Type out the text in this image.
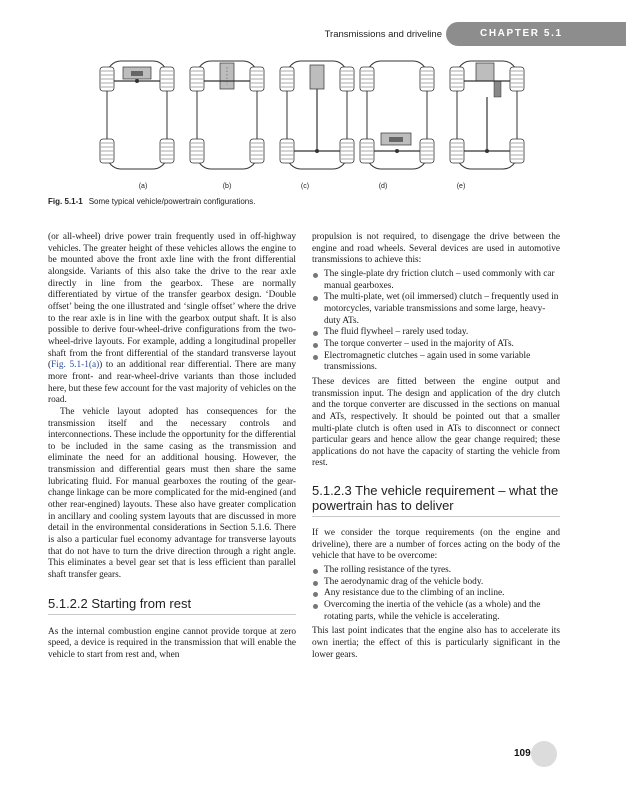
Transmissions and driveline	CHAPTER 5.1
(a)	(b)	(c)	(d)	(e)
Fig. 5.1-1 Some typical vehicle/powertrain configurations.

(or all-wheel) drive power train frequently used in off-highway vehicles. The greater height of these vehicles allows the engine to be mounted above the front axle line with the front differential alongside. Variants of this also take the drive to the rear axle directly in line from the gearbox. These are normally differentiated by virtue of the transfer gearbox design. ‘Double offset’ being the one illustrated and ‘single offset’ where the drive to the rear axle is in line with the gearbox output shaft. It is also possible to derive four-wheel-drive configurations from the two-wheel-drive layouts. For example, adding a longitudinal propeller shaft from the front differential of the standard transverse layout (Fig. 5.1-1(a)) to an additional rear differential. There are many more front- and rear-wheel-drive variants than those included here, but these few account for the vast majority of vehicles on the road.

The vehicle layout adopted has consequences for the transmission itself and the necessary controls and interconnections. These include the opportunity for the differential to be included in the same casing as the transmission and eliminate the need for an additional housing. However, the transmission and differential gears must then share the same lubricating fluid. For manual gearboxes the routing of the gear-change linkage can be more complicated for the mid-engined (and other rear-engined) layouts. These also have greater complication in ancillary and cooling system layouts that are discussed in more detail in the environmental considerations in Section 5.1.6. There is also a particular fuel economy advantage for transverse layouts that do not have to turn the drive direction through a right angle. This eliminates a bevel gear set that is less efficient than parallel shaft transfer gears.

5.1.2.2 Starting from rest

As the internal combustion engine cannot provide torque at zero speed, a device is required in the transmission that will enable the vehicle to start from rest and, when

propulsion is not required, to disengage the drive between the engine and road wheels. Several devices are used in automotive transmissions to achieve this:

The single-plate dry friction clutch – used commonly with car manual gearboxes.
The multi-plate, wet (oil immersed) clutch – frequently used in motorcycles, variable transmissions and some large, heavy-duty ATs.
The fluid flywheel – rarely used today.
The torque converter – used in the majority of ATs.
Electromagnetic clutches – again used in some variable transmissions.

These devices are fitted between the engine output and transmission input. The design and application of the dry clutch and the torque converter are discussed in the sections on manual and ATs, respectively. It should be pointed out that a smaller multi-plate clutch is often used in ATs to disconnect or connect particular gears and hence allow the gear change required; these applications do not have the capacity of starting the vehicle from rest.

5.1.2.3 The vehicle requirement – what the powertrain has to deliver

If we consider the torque requirements (on the engine and driveline), there are a number of forces acting on the body of the vehicle that have to be overcome:

The rolling resistance of the tyres.
The aerodynamic drag of the vehicle body.
Any resistance due to the climbing of an incline.
Overcoming the inertia of the vehicle (as a whole) and the rotating parts, while the vehicle is accelerating.

This last point indicates that the engine also has to accelerate its own inertia; the effect of this is particularly significant in the lower gears.

109
